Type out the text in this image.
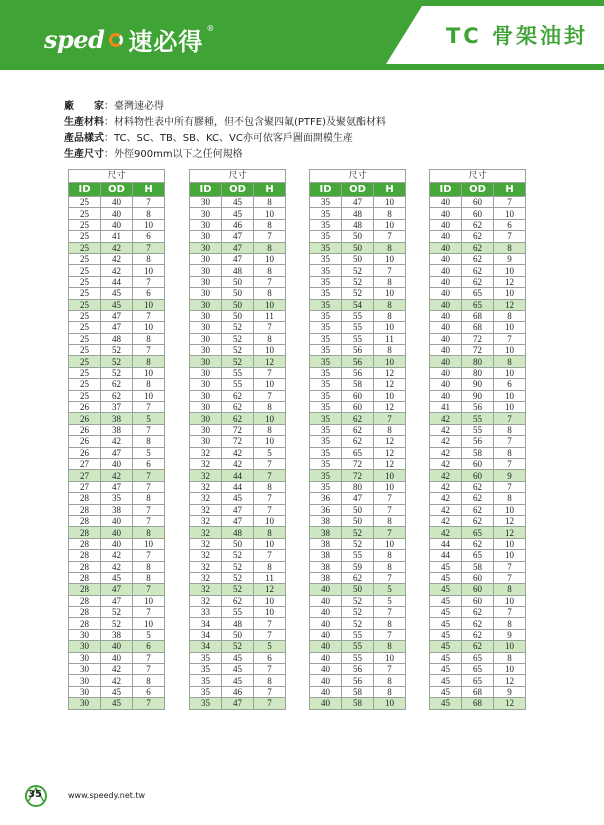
sped 速必得 ®	TC 骨架油封
廠　　家：臺灣速必得
生產材料：材料物性表中所有膠種，但不包含聚四氟(PTFE)及聚氨酯材料
產品樣式：TC、SC、TB、SB、KC、VC亦可依客戶圖面開模生產
生產尺寸：外徑900mm以下之任何規格
尺寸		
ID	OD	H
25	40	7
25	40	8
25	40	10
25	41	6
25	42	7
25	42	8
25	42	10
25	44	7
25	45	6
25	45	10
25	47	7
25	47	10
25	48	8
25	52	7
25	52	8
25	52	10
25	62	8
25	62	10
26	37	7
26	38	5
26	38	7
26	42	8
26	47	5
27	40	6
27	42	7
27	47	7
28	35	8
28	38	7
28	40	7
28	40	8
28	40	10
28	42	7
28	42	8
28	45	8
28	47	7
28	47	10
28	52	7
28	52	10
30	38	5
30	40	6
30	40	7
30	42	7
30	42	8
30	45	6
30	45	7
尺寸		
ID	OD	H
30	45	8
30	45	10
30	46	8
30	47	7
30	47	8
30	47	10
30	48	8
30	50	7
30	50	8
30	50	10
30	50	11
30	52	7
30	52	8
30	52	10
30	52	12
30	55	7
30	55	10
30	62	7
30	62	8
30	62	10
30	72	8
30	72	10
32	42	5
32	42	7
32	44	7
32	44	8
32	45	7
32	47	7
32	47	10
32	48	8
32	50	10
32	52	7
32	52	8
32	52	11
32	52	12
32	62	10
33	55	10
34	48	7
34	50	7
34	52	5
35	45	6
35	45	7
35	45	8
35	46	7
35	47	7
尺寸		
ID	OD	H
35	47	10
35	48	8
35	48	10
35	50	7
35	50	8
35	50	10
35	52	7
35	52	8
35	52	10
35	54	8
35	55	8
35	55	10
35	55	11
35	56	8
35	56	10
35	56	12
35	58	12
35	60	10
35	60	12
35	62	7
35	62	8
35	62	12
35	65	12
35	72	12
35	72	10
35	80	10
36	47	7
36	50	7
38	50	8
38	52	7
38	52	10
38	55	8
38	59	8
38	62	7
40	50	5
40	52	5
40	52	7
40	52	8
40	55	7
40	55	8
40	55	10
40	56	7
40	56	8
40	58	8
40	58	10
尺寸		
ID	OD	H
40	60	7
40	60	10
40	62	6
40	62	7
40	62	8
40	62	9
40	62	10
40	62	12
40	65	10
40	65	12
40	68	8
40	68	10
40	72	7
40	72	10
40	80	8
40	80	10
40	90	6
40	90	10
41	56	10
42	55	7
42	55	8
42	56	7
42	58	8
42	60	7
42	60	9
42	62	7
42	62	8
42	62	10
42	62	12
42	65	12
44	62	10
44	65	10
45	58	7
45	60	7
45	60	8
45	60	10
45	62	7
45	62	8
45	62	9
45	62	10
45	65	8
45	65	10
45	65	12
45	68	9
45	68	12
35	www.speedy.net.tw
